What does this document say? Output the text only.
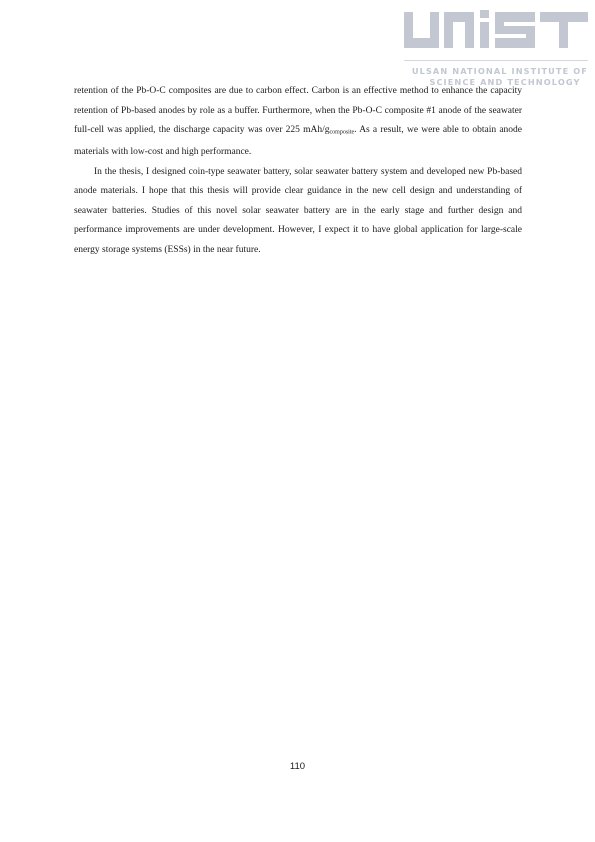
ULSAN NATIONAL INSTITUTE OF
SCIENCE AND TECHNOLOGY

retention of the Pb-O-C composites are due to carbon effect. Carbon is an effective method to enhance the capacity retention of Pb-based anodes by role as a buffer. Furthermore, when the Pb-O-C composite #1 anode of the seawater full-cell was applied, the discharge capacity was over 225 mAh/$g_{composite}$. As a result, we were able to obtain anode materials with low-cost and high performance.

In the thesis, I designed coin-type seawater battery, solar seawater battery system and developed new Pb-based anode materials. I hope that this thesis will provide clear guidance in the new cell design and understanding of seawater batteries. Studies of this novel solar seawater battery are in the early stage and further design and performance improvements are under development. However, I expect it to have global application for large-scale energy storage systems (ESSs) in the near future.

110
